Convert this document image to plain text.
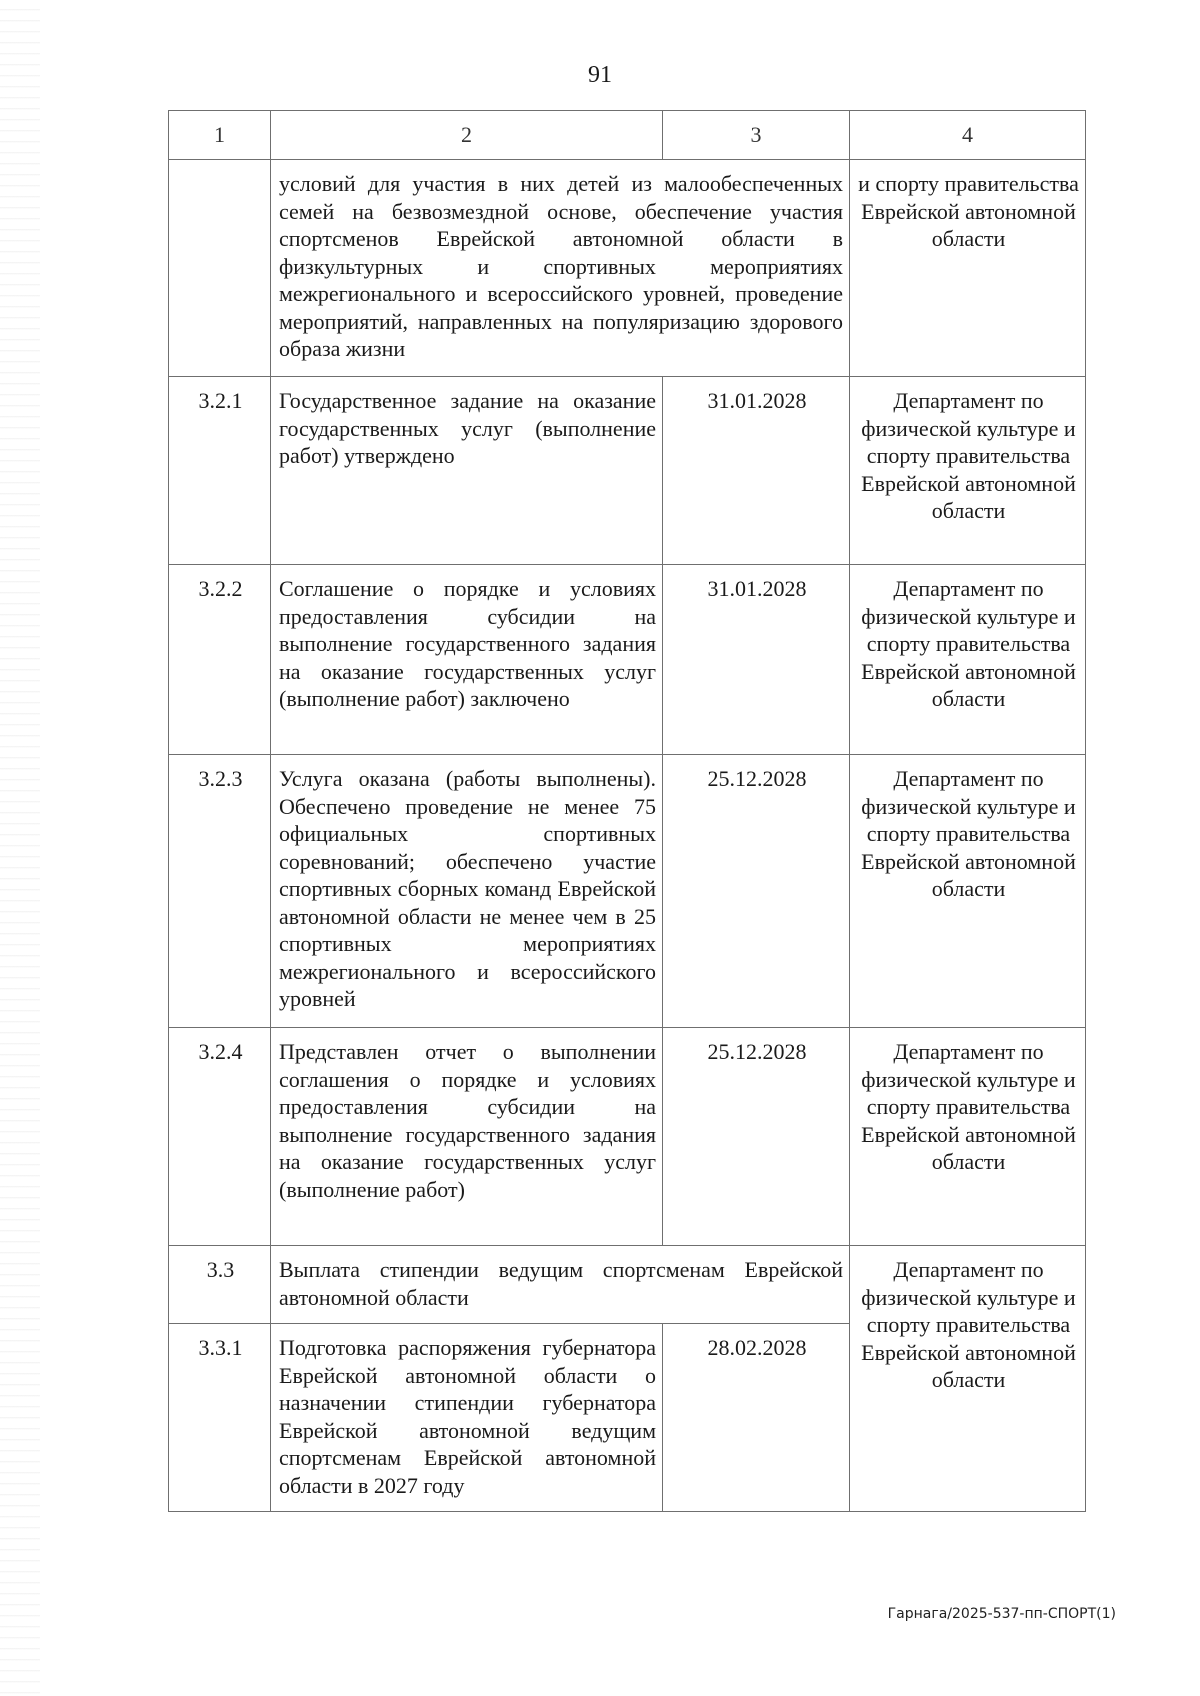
91
1	2	3	4
	условий для участия в них детей из малообеспеченных семей на безвозмездной основе, обеспечение участия спортсменов Еврейской автономной области в физкультурных и спортивных мероприятиях межрегионального и всероссийского уровней, проведение мероприятий, направленных на популяризацию здорового образа жизни		и спорту правительства Еврейской автономной области
3.2.1	Государственное задание на оказание государственных услуг (выполнение работ) утверждено	31.01.2028	Департамент по физической культуре и спорту правительства Еврейской автономной области
3.2.2	Соглашение о порядке и условиях предоставления субсидии на выполнение государственного задания на оказание государственных услуг (выполнение работ) заключено	31.01.2028	Департамент по физической культуре и спорту правительства Еврейской автономной области
3.2.3	Услуга оказана (работы выполнены). Обеспечено проведение не менее 75 официальных спортивных соревнований; обеспечено участие спортивных сборных команд Еврейской автономной области не менее чем в 25 спортивных мероприятиях межрегионального и всероссийского уровней	25.12.2028	Департамент по физической культуре и спорту правительства Еврейской автономной области
3.2.4	Представлен отчет о выполнении соглашения о порядке и условиях предоставления субсидии на выполнение государственного задания на оказание государственных услуг (выполнение работ)	25.12.2028	Департамент по физической культуре и спорту правительства Еврейской автономной области
3.3	Выплата стипендии ведущим спортсменам Еврейской автономной области		Департамент по физической культуре и спорту правительства Еврейской автономной области
3.3.1	Подготовка распоряжения губернатора Еврейской автономной области о назначении стипендии губернатора Еврейской автономной ведущим спортсменам Еврейской автономной области в 2027 году	28.02.2028	
Гарнага/2025-537-пп-СПОРТ(1)
